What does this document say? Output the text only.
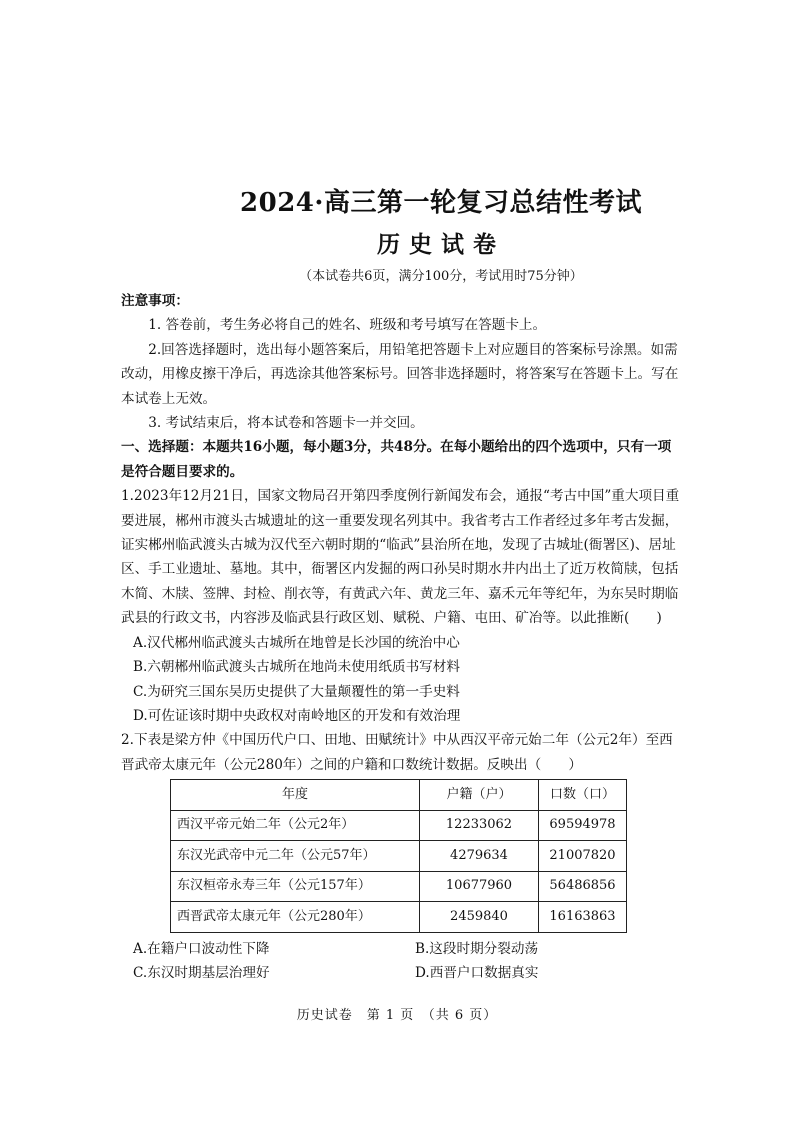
2024·高三第一轮复习总结性考试
历史试卷
（本试卷共6页，满分100分，考试用时75分钟）

注意事项：

1. 答卷前，考生务必将自己的姓名、班级和考号填写在答题卡上。

2.回答选择题时，选出每小题答案后，用铅笔把答题卡上对应题目的答案标号涂黑。如需改动，用橡皮擦干净后，再选涂其他答案标号。回答非选择题时，将答案写在答题卡上。写在本试卷上无效。

3. 考试结束后，将本试卷和答题卡一并交回。

一、选择题：本题共16小题，每小题3分，共48分。在每小题给出的四个选项中，只有一项是符合题目要求的。

1.2023年12月21日，国家文物局召开第四季度例行新闻发布会，通报“考古中国”重大项目重要进展，郴州市渡头古城遗址的这一重要发现名列其中。我省考古工作者经过多年考古发掘，证实郴州临武渡头古城为汉代至六朝时期的“临武”县治所在地，发现了古城址(衙署区)、居址区、手工业遗址、墓地。其中，衙署区内发掘的两口孙吴时期水井内出土了近万枚简牍，包括木简、木牍、签牌、封检、削衣等，有黄武六年、黄龙三年、嘉禾元年等纪年，为东吴时期临武县的行政文书，内容涉及临武县行政区划、赋税、户籍、屯田、矿冶等。以此推断(　　)

A.汉代郴州临武渡头古城所在地曾是长沙国的统治中心

B.六朝郴州临武渡头古城所在地尚未使用纸质书写材料

C.为研究三国东吴历史提供了大量颠覆性的第一手史料

D.可佐证该时期中央政权对南岭地区的开发和有效治理

2.下表是梁方仲《中国历代户口、田地、田赋统计》中从西汉平帝元始二年（公元2年）至西晋武帝太康元年（公元280年）之间的户籍和口数统计数据。反映出（　　）

年度	户籍（户）	口数（口）
西汉平帝元始二年（公元2年）	12233062	69594978
东汉光武帝中元二年（公元57年）	4279634	21007820
东汉桓帝永寿三年（公元157年）	10677960	56486856
西晋武帝太康元年（公元280年）	2459840	16163863
A.在籍户口波动性下降	B.这段时期分裂动荡
C.东汉时期基层治理好	D.西晋户口数据真实
历史试卷　第 1 页　（共 6 页）
